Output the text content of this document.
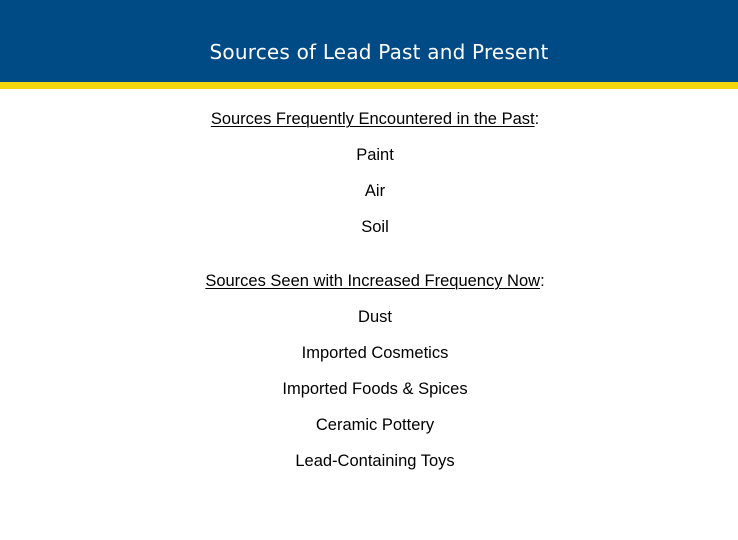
Sources of Lead Past and Present
Sources Frequently Encountered in the Past:
Paint
Air
Soil
Sources Seen with Increased Frequency Now:
Dust
Imported Cosmetics
Imported Foods & Spices
Ceramic Pottery
Lead-Containing Toys
